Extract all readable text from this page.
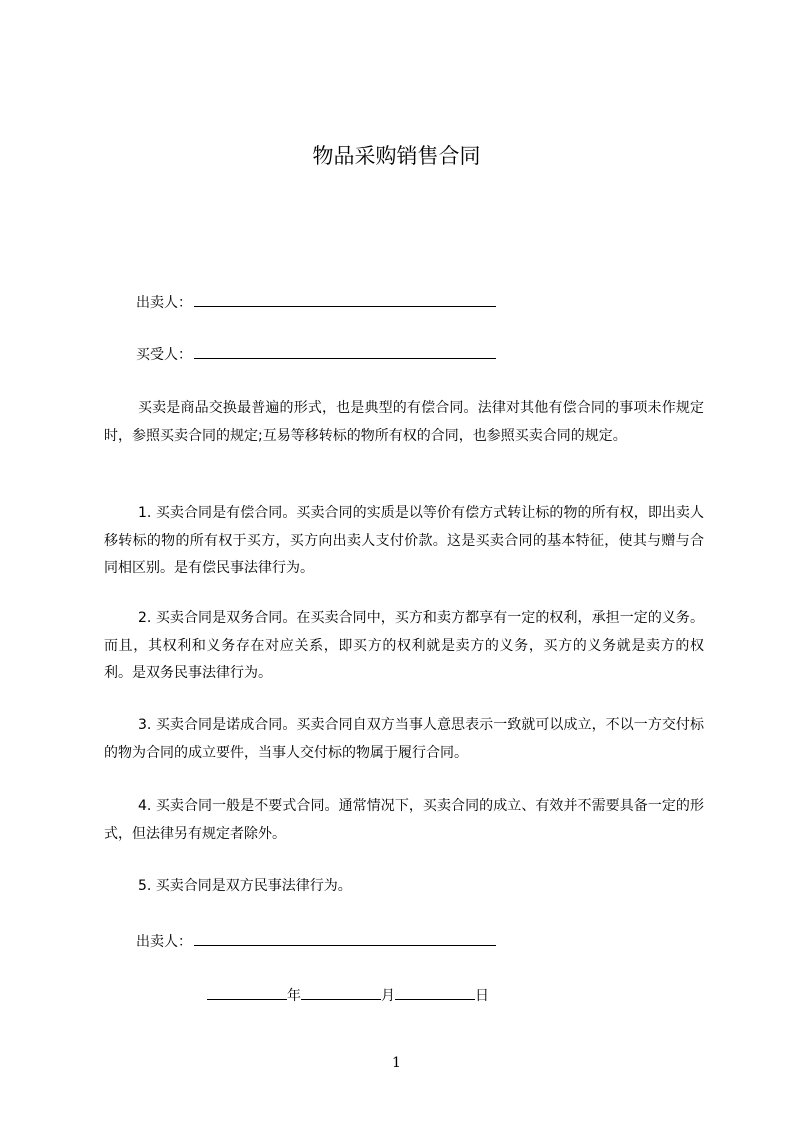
物品采购销售合同
出卖人：
买受人：

买卖是商品交换最普遍的形式，也是典型的有偿合同。法律对其他有偿合同的事项未作规定时，参照买卖合同的规定;互易等移转标的物所有权的合同，也参照买卖合同的规定。

1. 买卖合同是有偿合同。买卖合同的实质是以等价有偿方式转让标的物的所有权，即出卖人移转标的物的所有权于买方，买方向出卖人支付价款。这是买卖合同的基本特征，使其与赠与合同相区别。是有偿民事法律行为。

2. 买卖合同是双务合同。在买卖合同中，买方和卖方都享有一定的权利，承担一定的义务。而且，其权利和义务存在对应关系，即买方的权利就是卖方的义务，买方的义务就是卖方的权利。是双务民事法律行为。

3. 买卖合同是诺成合同。买卖合同自双方当事人意思表示一致就可以成立，不以一方交付标的物为合同的成立要件，当事人交付标的物属于履行合同。

4. 买卖合同一般是不要式合同。通常情况下，买卖合同的成立、有效并不需要具备一定的形式，但法律另有规定者除外。

5. 买卖合同是双方民事法律行为。

出卖人：
年	月	日
1
